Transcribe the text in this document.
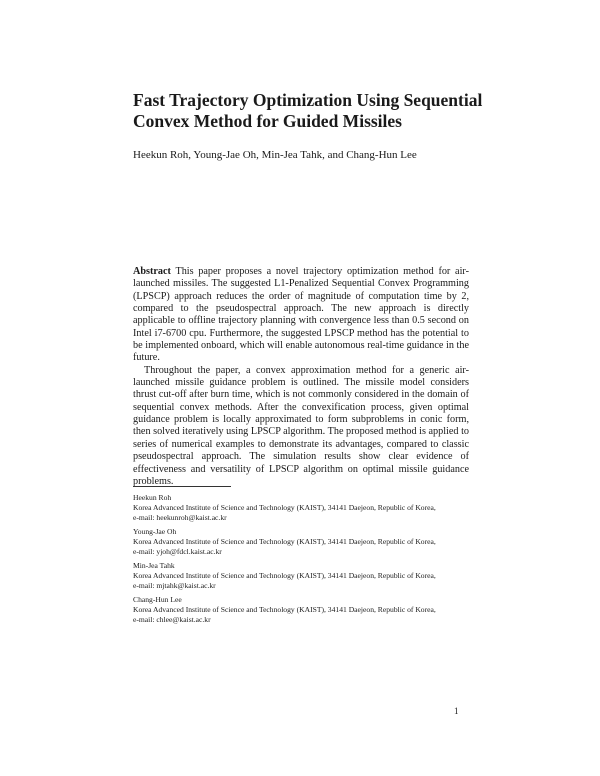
Fast Trajectory Optimization Using Sequential Convex Method for Guided Missiles

Heekun Roh, Young-Jae Oh, Min-Jea Tahk, and Chang-Hun Lee

Abstract This paper proposes a novel trajectory optimization method for air-launched missiles. The suggested L1-Penalized Sequential Convex Programming (LPSCP) approach reduces the order of magnitude of computation time by 2, compared to the pseudospectral approach. The new approach is directly applicable to offline trajectory planning with convergence less than 0.5 second on Intel i7-6700 cpu. Furthermore, the suggested LPSCP method has the potential to be implemented onboard, which will enable autonomous real-time guidance in the future.

Throughout the paper, a convex approximation method for a generic air-launched missile guidance problem is outlined. The missile model considers thrust cut-off after burn time, which is not commonly considered in the domain of sequential convex methods. After the convexification process, given optimal guidance problem is locally approximated to form subproblems in conic form, then solved iteratively using LPSCP algorithm. The proposed method is applied to series of numerical examples to demonstrate its advantages, compared to classic pseudospectral approach. The simulation results show clear evidence of effectiveness and versatility of LPSCP algorithm on optimal missile guidance problems.

Heekun Roh
Korea Advanced Institute of Science and Technology (KAIST), 34141 Daejeon, Republic of Korea,
e-mail: heekunroh@kaist.ac.kr
Young-Jae Oh
Korea Advanced Institute of Science and Technology (KAIST), 34141 Daejeon, Republic of Korea,
e-mail: yjoh@fdcl.kaist.ac.kr
Min-Jea Tahk
Korea Advanced Institute of Science and Technology (KAIST), 34141 Daejeon, Republic of Korea,
e-mail: mjtahk@kaist.ac.kr
Chang-Hun Lee
Korea Advanced Institute of Science and Technology (KAIST), 34141 Daejeon, Republic of Korea,
e-mail: chlee@kaist.ac.kr
1
